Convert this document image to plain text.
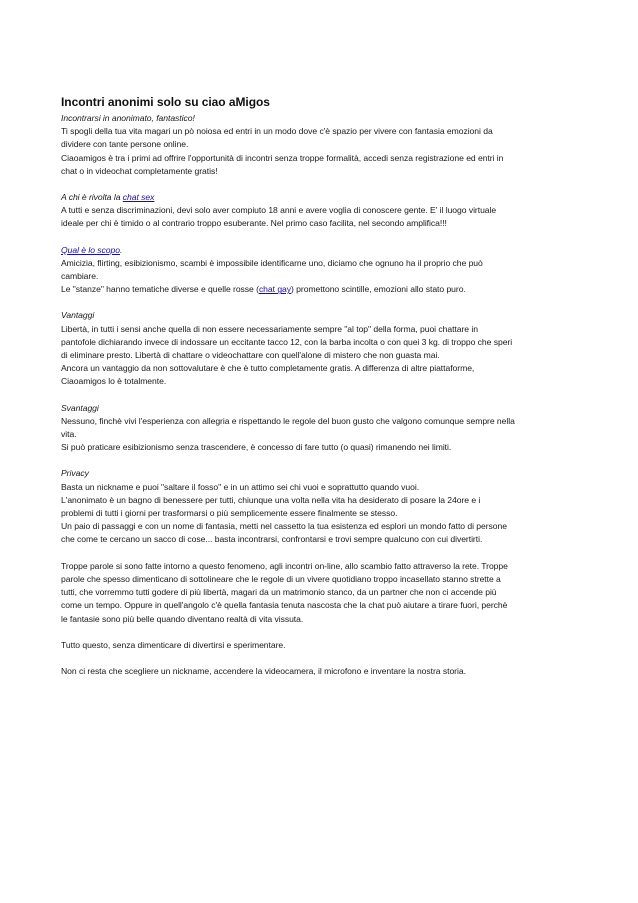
Incontri anonimi solo su ciao aMigos
Incontrarsi in anonimato, fantastico!
Ti spogli della tua vita magari un pò noiosa ed entri in un modo dove c'è spazio per vivere con fantasia emozioni da
dividere con tante persone online.
Ciaoamigos è tra i primi ad offrire l'opportunità di incontri senza troppe formalità, accedi senza registrazione ed entri in
chat o in videochat completamente gratis!
A chi è rivolta la chat sex
A tutti e senza discriminazioni, devi solo aver compiuto 18 anni e avere voglia di conoscere gente. E' il luogo virtuale
ideale per chi è timido o al contrario troppo esuberante. Nel primo caso facilita, nel secondo amplifica!!!
Qual è lo scopo.
Amicizia, flirting, esibizionismo, scambi è impossibile identificarne uno, diciamo che ognuno ha il proprio che può
cambiare.
Le "stanze" hanno tematiche diverse e quelle rosse (chat gay) promettono scintille, emozioni allo stato puro.
Vantaggi
Libertà, in tutti i sensi anche quella di non essere necessariamente sempre "al top" della forma, puoi chattare in
pantofole dichiarando invece di indossare un eccitante tacco 12, con la barba incolta o con quei 3 kg. di troppo che speri
di eliminare presto. Libertà di chattare o videochattare con quell'alone di mistero che non guasta mai.
Ancora un vantaggio da non sottovalutare è che è tutto completamente gratis. A differenza di altre piattaforme,
Ciaoamigos lo è totalmente.
Svantaggi
Nessuno, finchè vivi l'esperienza con allegria e rispettando le regole del buon gusto che valgono comunque sempre nella
vita.
Si può praticare esibizionismo senza trascendere, è concesso di fare tutto (o quasi) rimanendo nei limiti.
Privacy
Basta un nickname e puoi "saltare il fosso" e in un attimo sei chi vuoi e soprattutto quando vuoi.
L'anonimato è un bagno di benessere per tutti, chiunque una volta nella vita ha desiderato di posare la 24ore e i
problemi di tutti i giorni per trasformarsi o più semplicemente essere finalmente se stesso.
Un paio di passaggi e con un nome di fantasia, metti nel cassetto la tua esistenza ed esplori un mondo fatto di persone
che come te cercano un sacco di cose... basta incontrarsi, confrontarsi e trovi sempre qualcuno con cui divertirti.
Troppe parole si sono fatte intorno a questo fenomeno, agli incontri on-line, allo scambio fatto attraverso la rete. Troppe
parole che spesso dimenticano di sottolineare che le regole di un vivere quotidiano troppo incasellato stanno strette a
tutti, che vorremmo tutti godere di più libertà, magari da un matrimonio stanco, da un partner che non ci accende più
come un tempo. Oppure in quell'angolo c'è quella fantasia tenuta nascosta che la chat può aiutare a tirare fuori, perchè
le fantasie sono più belle quando diventano realtà di vita vissuta.
Tutto questo, senza dimenticare di divertirsi e sperimentare.
Non ci resta che scegliere un nickname, accendere la videocamera, il microfono e inventare la nostra storia.
